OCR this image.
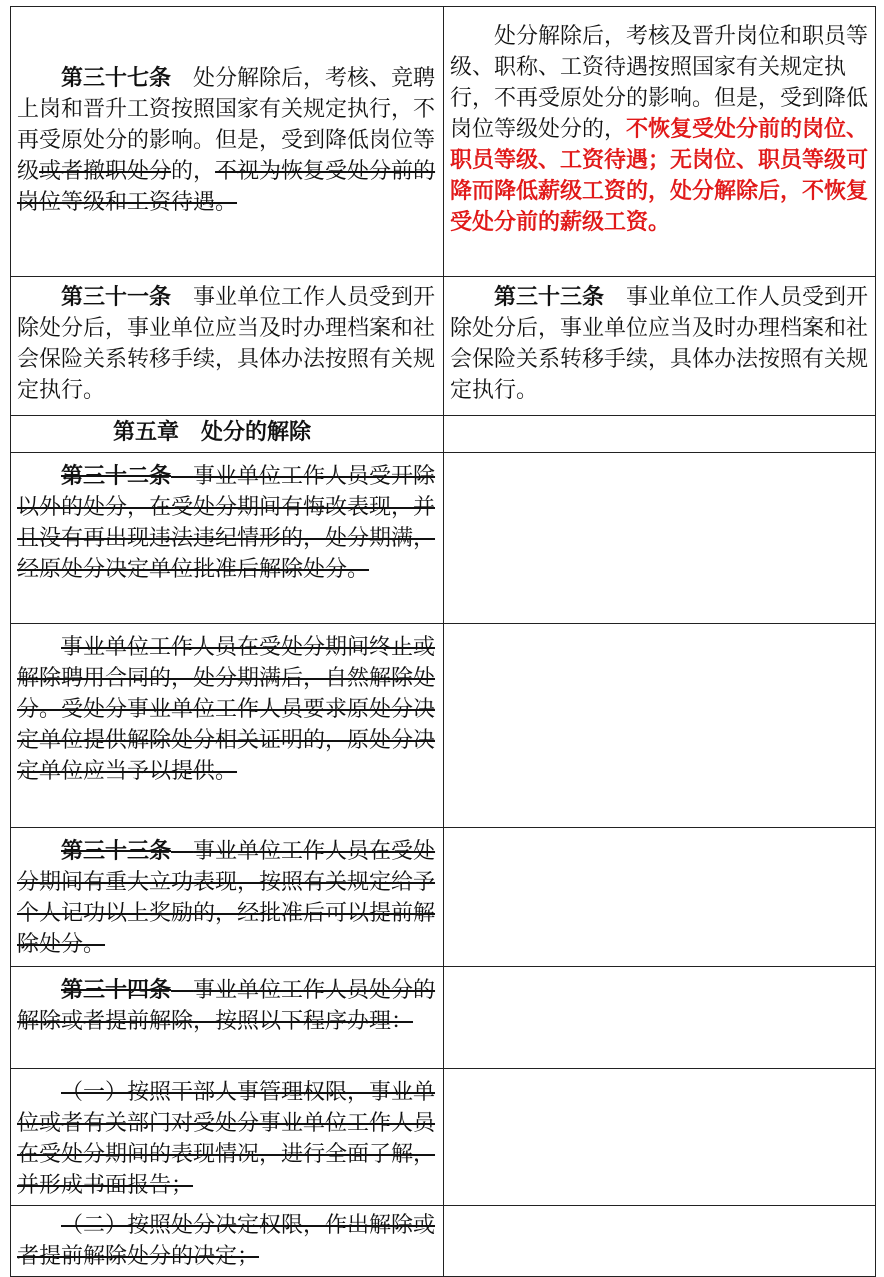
第三十七条　 处分解除后，考核、竞聘上岗和晋升工资按照国家有关规定执行，不再受原处分的影响。但是，受到降低岗位等级或者撤职处分的，不视为恢复受处分前的岗位等级和工资待遇。	处分解除后，考核及晋升岗位和职员等级、职称、工资待遇按照国家有关规定执行，不再受原处分的影响。但是，受到降低岗位等级处分的，不恢复受处分前的岗位、职员等级、工资待遇；无岗位、职员等级可降而降低薪级工资的，处分解除后，不恢复受处分前的薪级工资。

第三十一条　 事业单位工作人员受到开除处分后，事业单位应当及时办理档案和社会保险关系转移手续，具体办法按照有关规定执行。	第三十三条　 事业单位工作人员受到开除处分后，事业单位应当及时办理档案和社会保险关系转移手续，具体办法按照有关规定执行。

第五章　处分的解除	

第三十二条　 事业单位工作人员受开除以外的处分，在受处分期间有悔改表现，并且没有再出现违法违纪情形的，处分期满，经原处分决定单位批准后解除处分。	

事业单位工作人员在受处分期间终止或解除聘用合同的，处分期满后，自然解除处分。受处分事业单位工作人员要求原处分决定单位提供解除处分相关证明的，原处分决定单位应当予以提供。	

第三十三条　 事业单位工作人员在受处分期间有重大立功表现，按照有关规定给予个人记功以上奖励的，经批准后可以提前解除处分。	

第三十四条　 事业单位工作人员处分的解除或者提前解除，按照以下程序办理：	

（一）按照干部人事管理权限，事业单位或者有关部门对受处分事业单位工作人员在受处分期间的表现情况，进行全面了解，并形成书面报告；	

（二）按照处分决定权限，作出解除或者提前解除处分的决定；	
